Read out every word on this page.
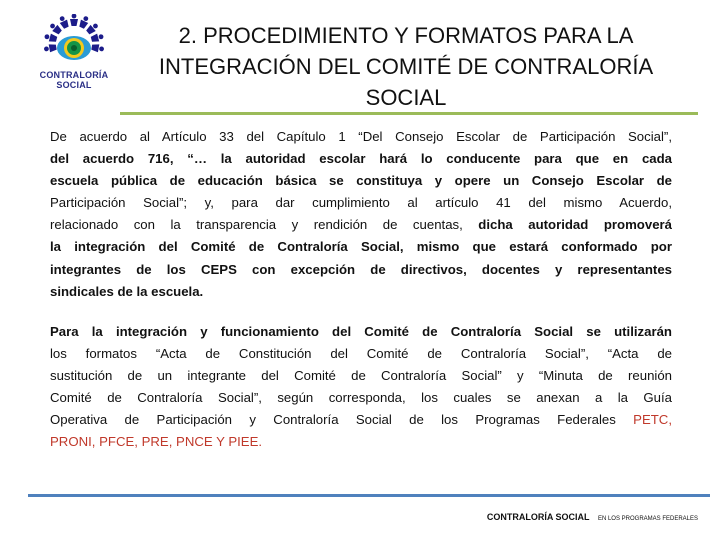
CONTRALORÍA
SOCIAL
2. PROCEDIMIENTO Y FORMATOS PARA LA
INTEGRACIÓN DEL COMITÉ DE CONTRALORÍA
SOCIAL
De acuerdo al Artículo 33 del Capítulo 1 “Del Consejo Escolar de Participación Social”,
del acuerdo 716, “… la autoridad escolar hará lo conducente para que en cada
escuela pública de educación básica se constituya y opere un Consejo Escolar de
Participación Social”; y, para dar cumplimiento al artículo 41 del mismo Acuerdo,
relacionado con la transparencia y rendición de cuentas, dicha autoridad promoverá
la integración del Comité de Contraloría Social, mismo que estará conformado por
integrantes de los CEPS con excepción de directivos, docentes y representantes
sindicales de la escuela.
Para la integración y funcionamiento del Comité de Contraloría Social se utilizarán
los formatos “Acta de Constitución del Comité de Contraloría Social”, “Acta de
sustitución de un integrante del Comité de Contraloría Social” y “Minuta de reunión
Comité de Contraloría Social”, según corresponda, los cuales se anexan a la Guía
Operativa de Participación y Contraloría Social de los Programas Federales PETC,
PRONI, PFCE, PRE, PNCE Y PIEE.
CONTRALORÍA SOCIAL EN LOS PROGRAMAS FEDERALES
